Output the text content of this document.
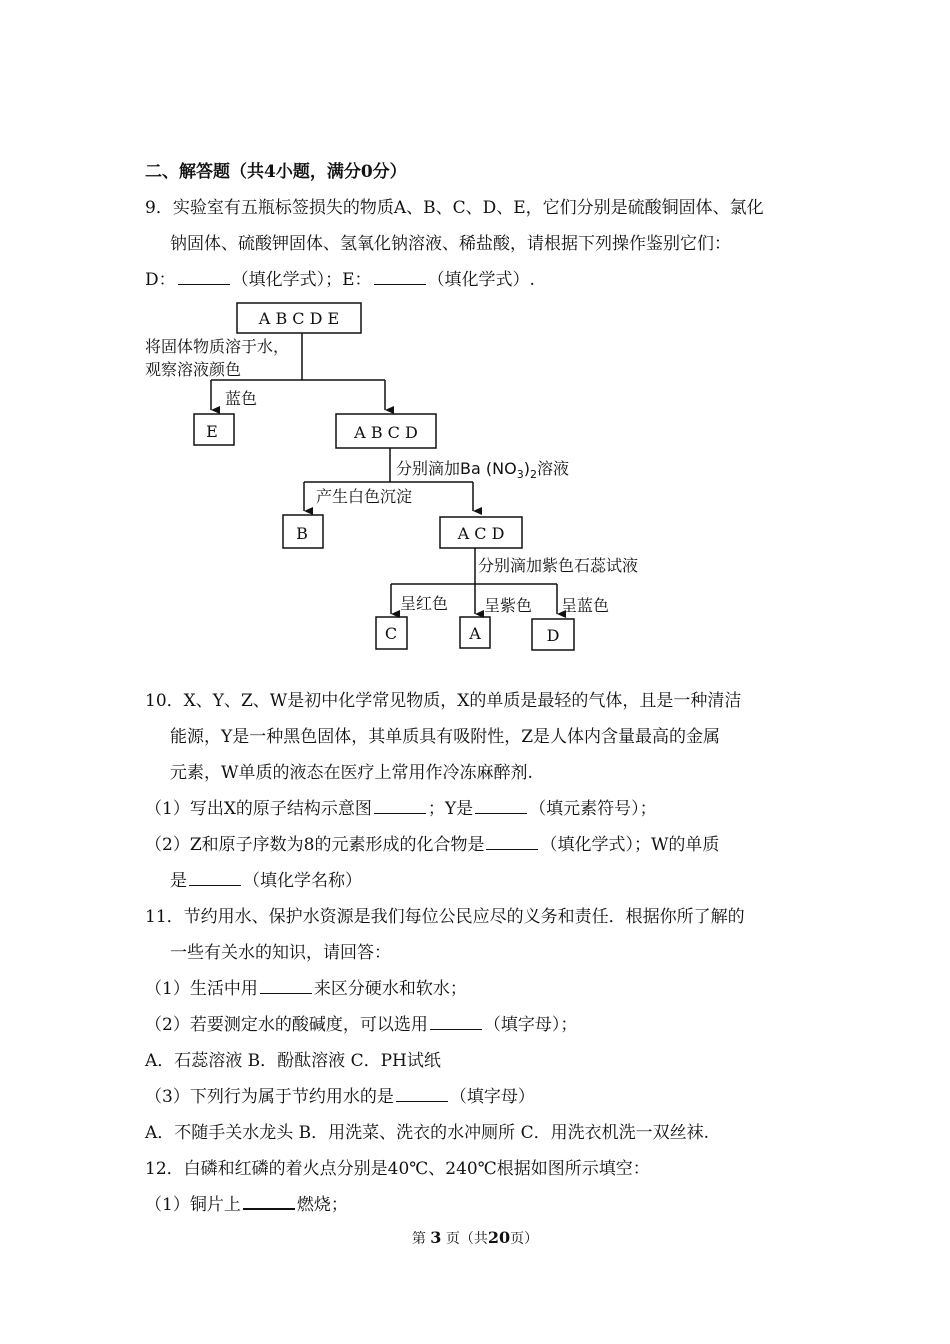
二、解答题（共4小题，满分0分）
9．实验室有五瓶标签损失的物质A、B、C、D、E，它们分别是硫酸铜固体、氯化
钠固体、硫酸钾固体、氢氧化钠溶液、稀盐酸，请根据下列操作鉴别它们：
D：	（填化学式）；E：	（填化学式）.
A B C D E
将固体物质溶于水，
观察溶液颜色
蓝色
E	A B C D
分别滴加Ba $(NO_3)_2$溶液
产生白色沉淀
B	A C D
分别滴加紫色石蕊试液
呈红色 呈紫色 呈蓝色
C	A	D
10．X、Y、Z、W是初中化学常见物质，X的单质是最轻的气体，且是一种清洁
能源，Y是一种黑色固体，其单质具有吸附性，Z是人体内含量最高的金属
元素，W单质的液态在医疗上常用作冷冻麻醉剂.
（1）写出X的原子结构示意图	；Y是	（填元素符号）；
（2）Z和原子序数为8的元素形成的化合物是	（填化学式）；W的单质
是	（填化学名称）
11．节约用水、保护水资源是我们每位公民应尽的义务和责任．根据你所了解的
一些有关水的知识，请回答：
（1）生活中用	来区分硬水和软水；
（2）若要测定水的酸碱度，可以选用	（填字母）；
A．石蕊溶液 B．酚酞溶液 C．PH试纸
（3）下列行为属于节约用水的是	（填字母）
A．不随手关水龙头 B．用洗菜、洗衣的水冲厕所 C．用洗衣机洗一双丝袜.
12．白磷和红磷的着火点分别是40℃、240℃根据如图所示填空：
（1）铜片上	燃烧；
第 3 页（共20页）
